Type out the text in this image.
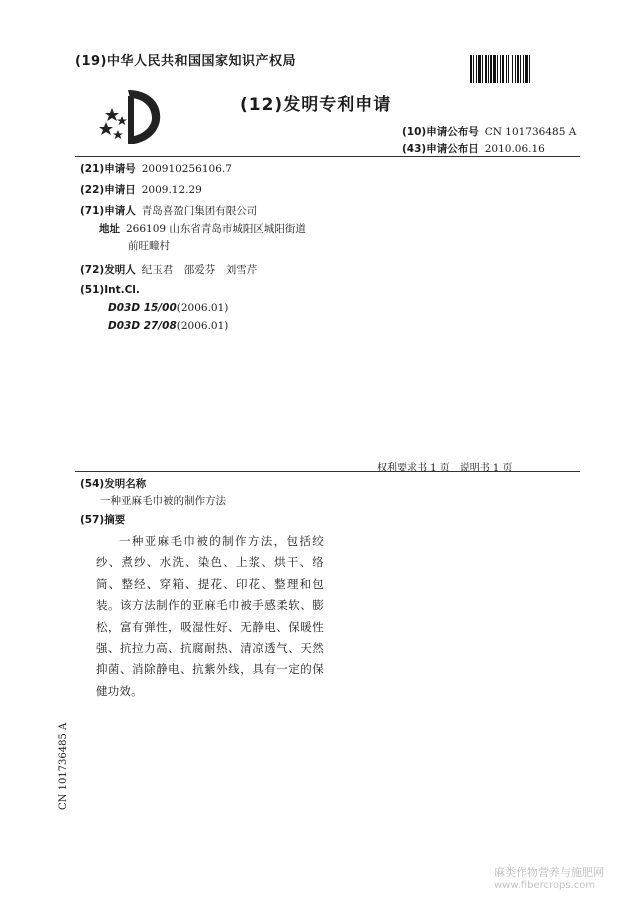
(19)中华人民共和国国家知识产权局
(12)发明专利申请
(10)申请公布号 CN 101736485 A
(43)申请公布日 2010.06.16
(21)申请号 200910256106.7
(22)申请日 2009.12.29
(71)申请人 青岛喜盈门集团有限公司
地址 266109 山东省青岛市城阳区城阳街道
前旺疃村
(72)发明人 纪玉君　邵爱芬　刘雪芹
(51)Int.Cl.
D03D 15/00(2006.01)
D03D 27/08(2006.01)
权利要求书 1 页　说明书 1 页
(54)发明名称
一种亚麻毛巾被的制作方法
(57)摘要
一种亚麻毛巾被的制作方法，包括绞纱、煮纱、水洗、染色、上浆、烘干、络筒、整经、穿箱、提花、印花、整理和包装。该方法制作的亚麻毛巾被手感柔软、膨松，富有弹性，吸湿性好、无静电、保暖性强、抗拉力高、抗腐耐热、清凉透气、天然抑菌、消除静电、抗紫外线，具有一定的保健功效。
CN 101736485 A
麻类作物营养与施肥网
www.fibercrops.com
